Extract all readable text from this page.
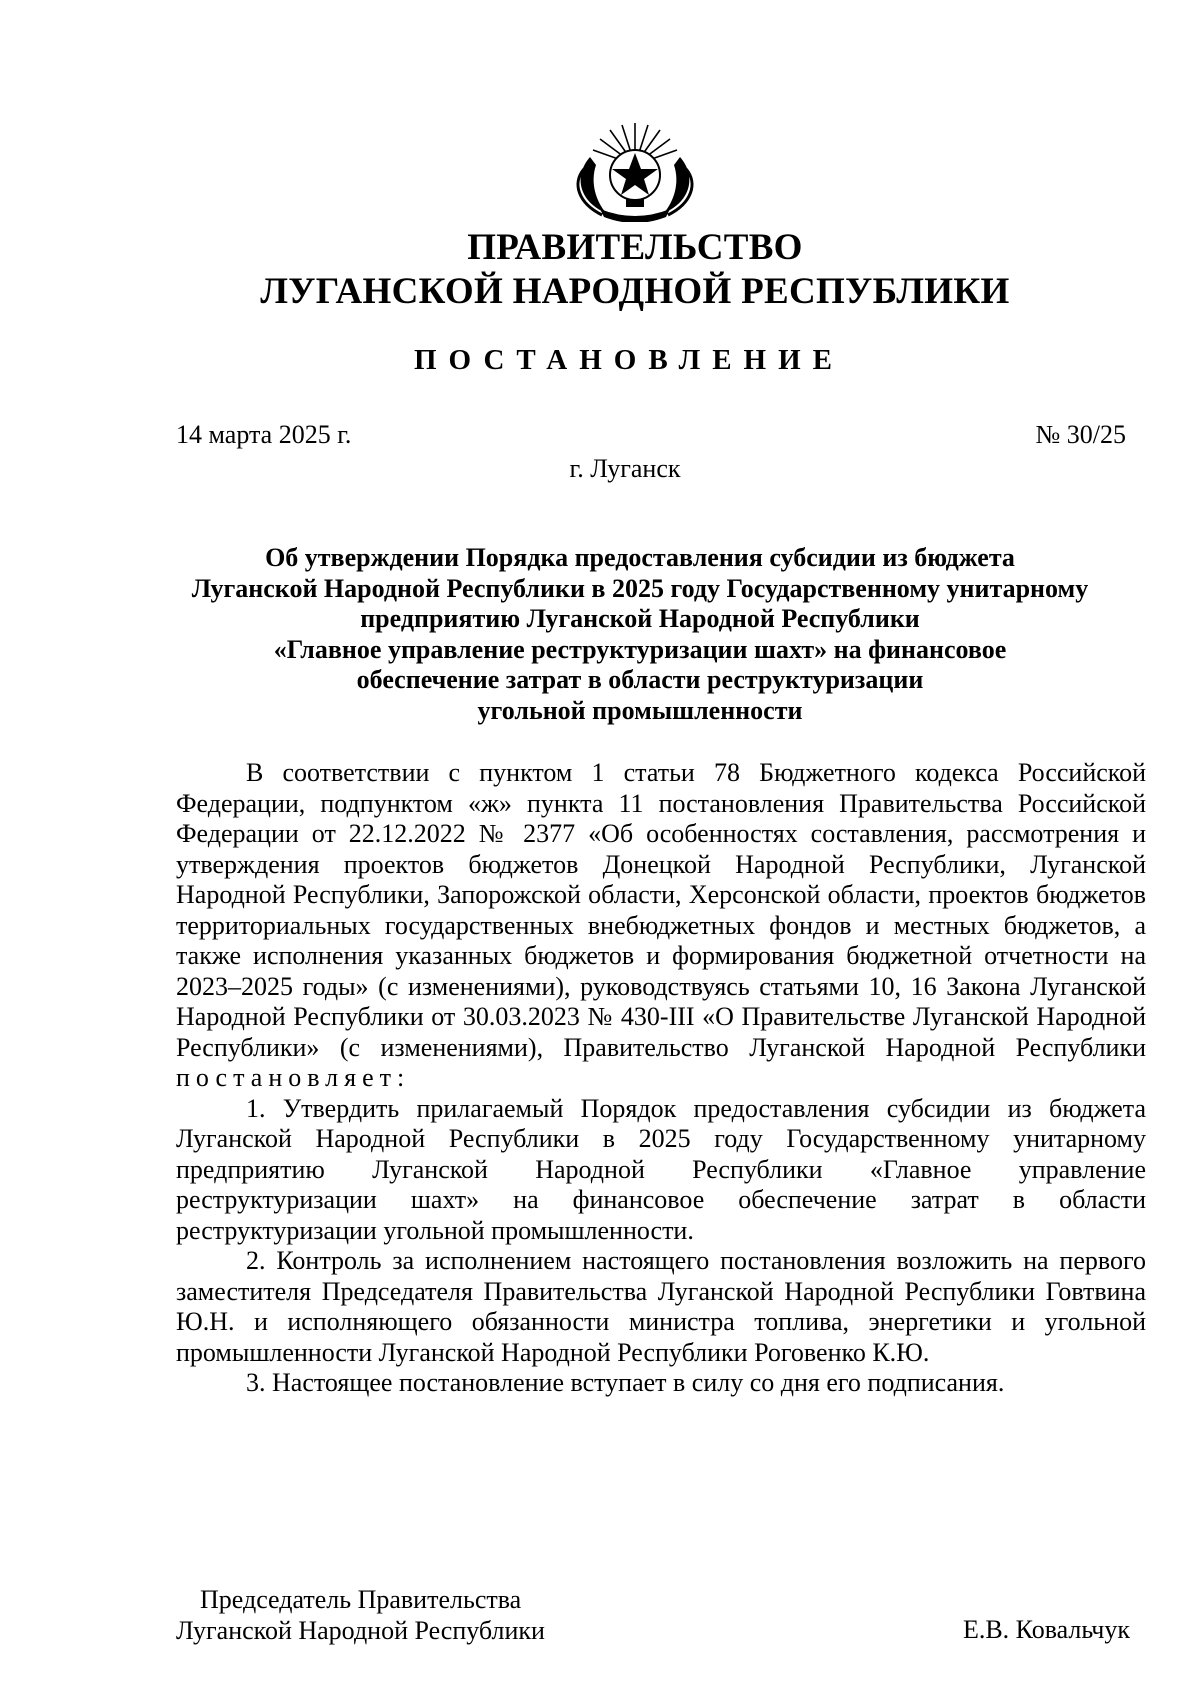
ПРАВИТЕЛЬСТВО
ЛУГАНСКОЙ НАРОДНОЙ РЕСПУБЛИКИ
ПОСТАНОВЛЕНИЕ
14 марта 2025 г.	№ 30/25
г. Луганск
Об утверждении Порядка предоставления субсидии из бюджета
Луганской Народной Республики в 2025 году Государственному унитарному
предприятию Луганской Народной Республики
«Главное управление реструктуризации шахт» на финансовое
обеспечение затрат в области реструктуризации
угольной промышленности

В соответствии с пунктом 1 статьи 78 Бюджетного кодекса Российской Федерации, подпунктом «ж» пункта 11 постановления Правительства Российской Федерации от 22.12.2022 № 2377 «Об особенностях составления, рассмотрения и утверждения проектов бюджетов Донецкой Народной Республики, Луганской Народной Республики, Запорожской области, Херсонской области, проектов бюджетов территориальных государственных внебюджетных фондов и местных бюджетов, а также исполнения указанных бюджетов и формирования бюджетной отчетности на 2023–2025 годы» (с изменениями), руководствуясь статьями 10, 16 Закона Луганской Народной Республики от 30.03.2023 № 430-III «О Правительстве Луганской Народной Республики» (с изменениями), Правительство Луганской Народной Республики постановляет:

1. Утвердить прилагаемый Порядок предоставления субсидии из бюджета Луганской Народной Республики в 2025 году Государственному унитарному предприятию Луганской Народной Республики «Главное управление реструктуризации шахт» на финансовое обеспечение затрат в области реструктуризации угольной промышленности.

2. Контроль за исполнением настоящего постановления возложить на первого заместителя Председателя Правительства Луганской Народной Республики Говтвина Ю.Н. и исполняющего обязанности министра топлива, энергетики и угольной промышленности Луганской Народной Республики Роговенко К.Ю.

3. Настоящее постановление вступает в силу со дня его подписания.

Председатель Правительства
Луганской Народной Республики	Е.В. Ковальчук
